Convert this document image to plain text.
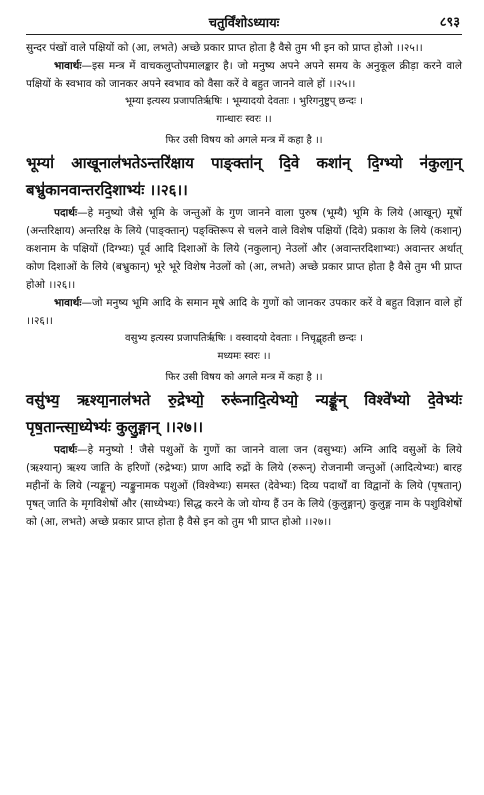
चतुर्विंशोऽध्यायः	८९३

सुन्दर पंखों वाले पक्षियों को (आ, लभते) अच्छे प्रकार प्राप्त होता है वैसे तुम भी इन को प्राप्त होओ ।।२५।।

भावार्थः—इस मन्त्र में वाचकलुप्तोपमालङ्कार है। जो मनुष्य अपने अपने समय के अनुकूल क्रीड़ा करने वाले पक्षियों के स्वभाव को जानकर अपने स्वभाव को वैसा करें वे बहुत जानने वाले हों ।।२५।।

भूम्या इत्यस्य प्रजापतिर्ऋषिः । भूम्यादयो देवताः । भुरिगनुष्टुप् छन्दः ।

गान्धारः स्वरः ।।

फिर उसी विषय को अगले मन्त्र में कहा है ।।

भूम्या॑ आखूनाल॑भतेऽन्तरि॑क्षाय पाङ्क्ता॑न् दि॒वे कशा॑न् दि॒ग्भ्यो न॑कुला॒न् बभ्रु॑कानवान्तरदि॒शाभ्यः॑ ।।२६।।

पदार्थः—हे मनुष्यो जैसे भूमि के जन्तुओं के गुण जानने वाला पुरुष (भूम्यै) भूमि के लिये (आखून्) मूषों (अन्तरिक्षाय) अन्तरिक्ष के लिये (पाङ्क्तान्) पङ्क्तिरूप से चलने वाले विशेष पक्षियों (दिवे) प्रकाश के लिये (कशान्) कशनाम के पक्षियों (दिग्भ्यः) पूर्व आदि दिशाओं के लिये (नकुलान्) नेउलों और (अवान्तरदिशाभ्यः) अवान्तर अर्थात् कोण दिशाओं के लिये (बभ्रुकान्) भूरे भूरे विशेष नेउलों को (आ, लभते) अच्छे प्रकार प्राप्त होता है वैसे तुम भी प्राप्त होओ ।।२६।।

भावार्थः—जो मनुष्य भूमि आदि के समान मूषे आदि के गुणों को जानकर उपकार करें वे बहुत विज्ञान वाले हों ।।२६।।

वसुभ्य इत्यस्य प्रजापतिर्ऋषिः । वस्वादयो देवताः । निचृद्बृहती छन्दः ।

मध्यमः स्वरः ।।

फिर उसी विषय को अगले मन्त्र में कहा है ।।

वसु॑भ्य॒ ऋश्या॒नाल॑भते रु॒द्रेभ्यो॒ रुरू॑नादि॒त्येभ्यो॒ न्यङ्कू॑न् विश्वे॑भ्यो दे॒वेभ्यः॑ पृष॒तान्त्सा॒ध्येभ्यः॑ कुलु॒ङ्गान् ।।२७।।

पदार्थः—हे मनुष्यो ! जैसे पशुओं के गुणों का जानने वाला जन (वसुभ्यः) अग्नि आदि वसुओं के लिये (ऋश्यान्) ऋश्य जाति के हरिणों (रुद्रेभ्यः) प्राण आदि रुद्रों के लिये (रुरून्) रोजनामी जन्तुओं (आदित्येभ्यः) बारह महीनों के लिये (न्यङ्कून्) न्यङ्कुनामक पशुओं (विश्वेभ्यः) समस्त (देवेभ्यः) दिव्य पदार्थों वा विद्वानों के लिये (पृषतान्) पृषत् जाति के मृगविशेषों और (साध्येभ्यः) सिद्ध करने के जो योग्य हैं उन के लिये (कुलुङ्गान्) कुलुङ्ग नाम के पशुविशेषों को (आ, लभते) अच्छे प्रकार प्राप्त होता है वैसे इन को तुम भी प्राप्त होओ ।।२७।।
